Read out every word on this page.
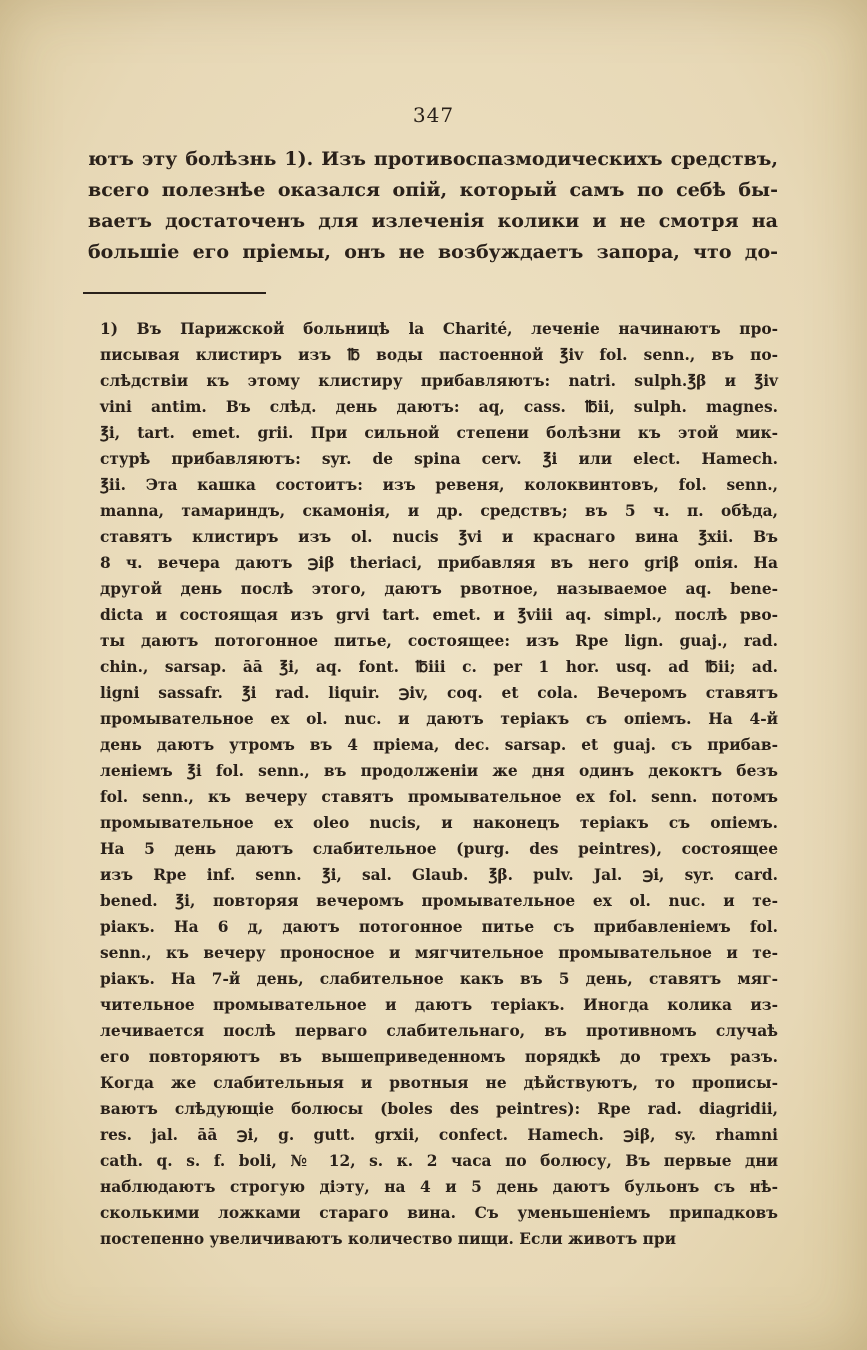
347
ютъ эту болѣзнь 1). Изъ противоспазмодическихъ средствъ,
всего полезнѣе оказался опій, который самъ по себѣ бы-
ваетъ достаточенъ для излеченія колики и не смотря на
большіе его пріемы, онъ не возбуждаетъ запора, что до-
1) Въ Парижской больницѣ la Charité, леченіе начинаютъ про-
писывая клистиръ изъ ℔ воды пастоенной ℥iv fol. senn., въ по-
слѣдствіи къ этому клистиру прибавляютъ: natri. sulph.℥β и ℥iv
vini antim. Въ слѣд. день даютъ: aq, cass. ℔ii, sulph. magnes.
℥i, tart. emet. grii. При сильной степени болѣзни къ этой мик-
стурѣ прибавляютъ: syr. de spina cerv. ℥i или elect. Hamech.
℥ii. Эта кашка состоитъ: изъ ревеня, колоквинтовъ, fol. senn.,
manna, тамариндъ, скамонія, и др. средствъ; въ 5 ч. п. обѣда,
ставятъ клистиръ изъ ol. nucis ℥vi и краснаго вина ℥xii. Въ
8 ч. вечера даютъ ℈iβ theriaci, прибавляя въ него griβ опія. На
другой день послѣ этого, даютъ рвотное, называемое aq. bene-
dicta и состоящая изъ grvi tart. emet. и ℥viii aq. simpl., послѣ рво-
ты даютъ потогонное питье, состоящее: изъ Rpe lign. guaj., rad.
chin., sarsap. āā ℥i, aq. font. ℔iii c. per 1 hor. usq. ad ℔ii; ad.
ligni sassafr. ℥i rad. liquir. ℈iv, coq. et cola. Вечеромъ ставятъ
промывательное ex ol. nuc. и даютъ теріакъ съ опіемъ. На 4-й
день даютъ утромъ въ 4 пріема, dec. sarsap. et guaj. съ прибав-
леніемъ ℥i fol. senn., въ продолженіи же дня одинъ декоктъ безъ
fol. senn., къ вечеру ставятъ промывательное ex fol. senn. потомъ
промывательное ex oleo nucis, и наконецъ теріакъ съ опіемъ.
На 5 день даютъ слабительное (purg. des peintres), состоящее
изъ Rpe inf. senn. ℥i, sal. Glaub. ℥β. pulv. Jal. ℈i, syr. card.
bened. ℥i, повторяя вечеромъ промывательное ex ol. nuc. и те-
ріакъ. На 6 д, даютъ потогонное питье съ прибавленіемъ fol.
senn., къ вечеру проносное и мягчительное промывательное и те-
ріакъ. На 7-й день, слабительное какъ въ 5 день, ставятъ мяг-
чительное промывательное и даютъ теріакъ. Иногда колика из-
лечивается послѣ перваго слабительнаго, въ противномъ случаѣ
его повторяютъ въ вышеприведенномъ порядкѣ до трехъ разъ.
Когда же слабительныя и рвотныя не дѣйствуютъ, то прописы-
ваютъ слѣдующіе болюсы (boles des peintres): Rpe rad. diagridii,
res. jal. āā ℈i, g. gutt. grxii, confect. Hamech. ℈iβ, sy. rhamni
cath. q. s. f. boli, № 12, s. к. 2 часа по болюсу, Въ первые дни
наблюдаютъ строгую діэту, на 4 и 5 день даютъ бульонъ съ нѣ-
сколькими ложками стараго вина. Съ уменьшеніемъ припадковъ
постепенно увеличиваютъ количество пищи. Если животъ при
